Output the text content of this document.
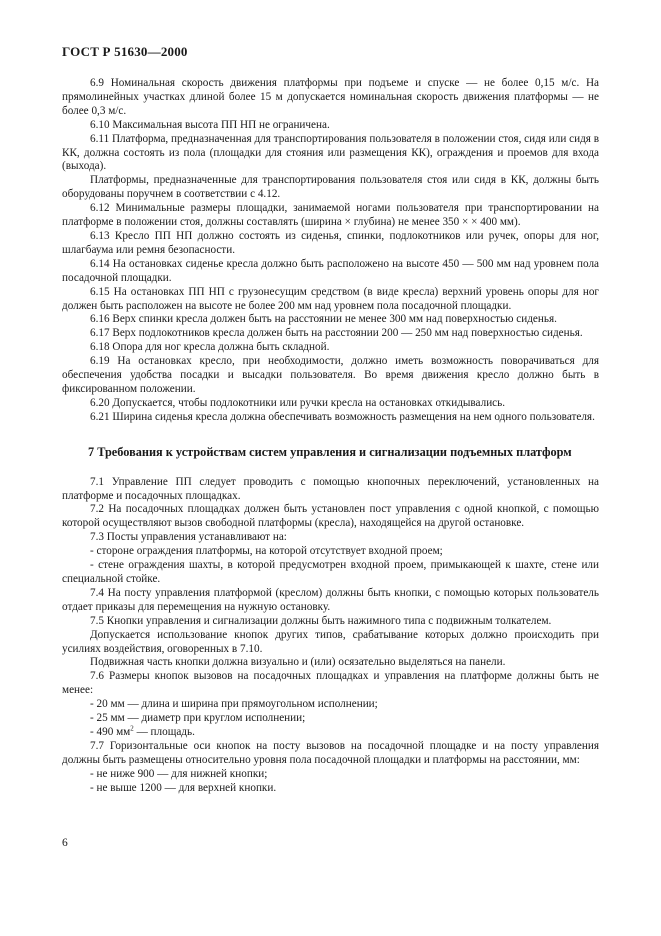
ГОСТ Р 51630—2000

6.9 Номинальная скорость движения платформы при подъеме и спуске — не более 0,15 м/с. На прямолинейных участках длиной более 15 м допускается номинальная скорость движения платформы — не более 0,3 м/с.

6.10 Максимальная высота ПП НП не ограничена.

6.11 Платформа, предназначенная для транспортирования пользователя в положении стоя, сидя или сидя в КК, должна состоять из пола (площадки для стояния или размещения КК), ограждения и проемов для входа (выхода).

Платформы, предназначенные для транспортирования пользователя стоя или сидя в КК, должны быть оборудованы поручнем в соответствии с 4.12.

6.12 Минимальные размеры площадки, занимаемой ногами пользователя при транспортировании на платформе в положении стоя, должны составлять (ширина × глубина) не менее 350 × × 400 мм).

6.13 Кресло ПП НП должно состоять из сиденья, спинки, подлокотников или ручек, опоры для ног, шлагбаума или ремня безопасности.

6.14 На остановках сиденье кресла должно быть расположено на высоте 450 — 500 мм над уровнем пола посадочной площадки.

6.15 На остановках ПП НП с грузонесущим средством (в виде кресла) верхний уровень опоры для ног должен быть расположен на высоте не более 200 мм над уровнем пола посадочной площадки.

6.16 Верх спинки кресла должен быть на расстоянии не менее 300 мм над поверхностью сиденья.

6.17 Верх подлокотников кресла должен быть на расстоянии 200 — 250 мм над поверхностью сиденья.

6.18 Опора для ног кресла должна быть складной.

6.19 На остановках кресло, при необходимости, должно иметь возможность поворачиваться для обеспечения удобства посадки и высадки пользователя. Во время движения кресло должно быть в фиксированном положении.

6.20 Допускается, чтобы подлокотники или ручки кресла на остановках откидывались.

6.21 Ширина сиденья кресла должна обеспечивать возможность размещения на нем одного пользователя.

7 Требования к устройствам систем управления и сигнализации подъемных платформ

7.1 Управление ПП следует проводить с помощью кнопочных переключений, установленных на платформе и посадочных площадках.

7.2 На посадочных площадках должен быть установлен пост управления с одной кнопкой, с помощью которой осуществляют вызов свободной платформы (кресла), находящейся на другой остановке.

7.3 Посты управления устанавливают на:

- стороне ограждения платформы, на которой отсутствует входной проем;

- стене ограждения шахты, в которой предусмотрен входной проем, примыкающей к шахте, стене или специальной стойке.

7.4 На посту управления платформой (креслом) должны быть кнопки, с помощью которых пользователь отдает приказы для перемещения на нужную остановку.

7.5 Кнопки управления и сигнализации должны быть нажимного типа с подвижным толкателем.

Допускается использование кнопок других типов, срабатывание которых должно происходить при усилиях воздействия, оговоренных в 7.10.

Подвижная часть кнопки должна визуально и (или) осязательно выделяться на панели.

7.6 Размеры кнопок вызовов на посадочных площадках и управления на платформе должны быть не менее:

- 20 мм — длина и ширина при прямоугольном исполнении;

- 25 мм — диаметр при круглом исполнении;

- 490 $мм^2$ — площадь.

7.7 Горизонтальные оси кнопок на посту вызовов на посадочной площадке и на посту управления должны быть размещены относительно уровня пола посадочной площадки и платформы на расстоянии, мм:

- не ниже 900 — для нижней кнопки;

- не выше 1200 — для верхней кнопки.

6
